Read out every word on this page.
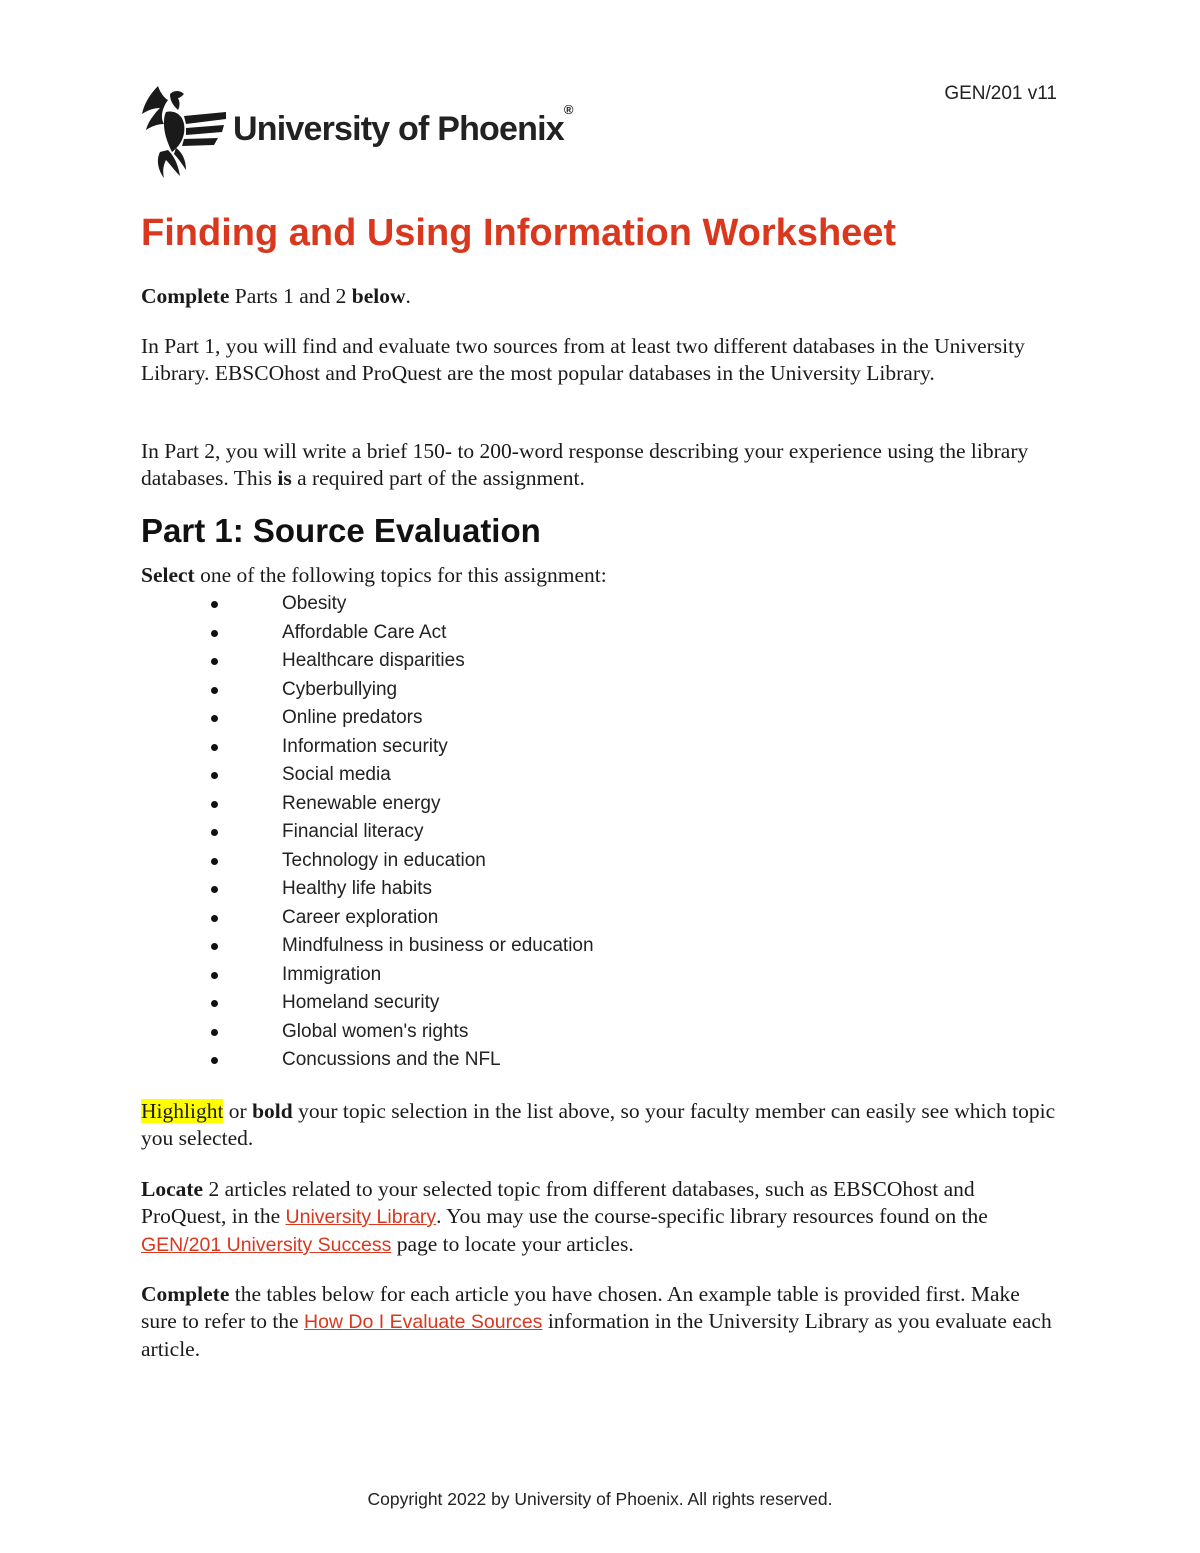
GEN/201 v11
University of Phoenix®
Finding and Using Information Worksheet

Complete Parts 1 and 2 below.

In Part 1, you will find and evaluate two sources from at least two different databases in the University Library. EBSCOhost and ProQuest are the most popular databases in the University Library.

In Part 2, you will write a brief 150- to 200-word response describing your experience using the library databases. This is a required part of the assignment.

Part 1: Source Evaluation

Select one of the following topics for this assignment:

Obesity
Affordable Care Act
Healthcare disparities
Cyberbullying
Online predators
Information security
Social media
Renewable energy
Financial literacy
Technology in education
Healthy life habits
Career exploration
Mindfulness in business or education
Immigration
Homeland security
Global women's rights
Concussions and the NFL

Highlight or bold your topic selection in the list above, so your faculty member can easily see which topic you selected.

Locate 2 articles related to your selected topic from different databases, such as EBSCOhost and ProQuest, in the University Library. You may use the course-specific library resources found on the GEN/201 University Success page to locate your articles.

Complete the tables below for each article you have chosen. An example table is provided first. Make sure to refer to the How Do I Evaluate Sources information in the University Library as you evaluate each article.

Copyright 2022 by University of Phoenix. All rights reserved.
